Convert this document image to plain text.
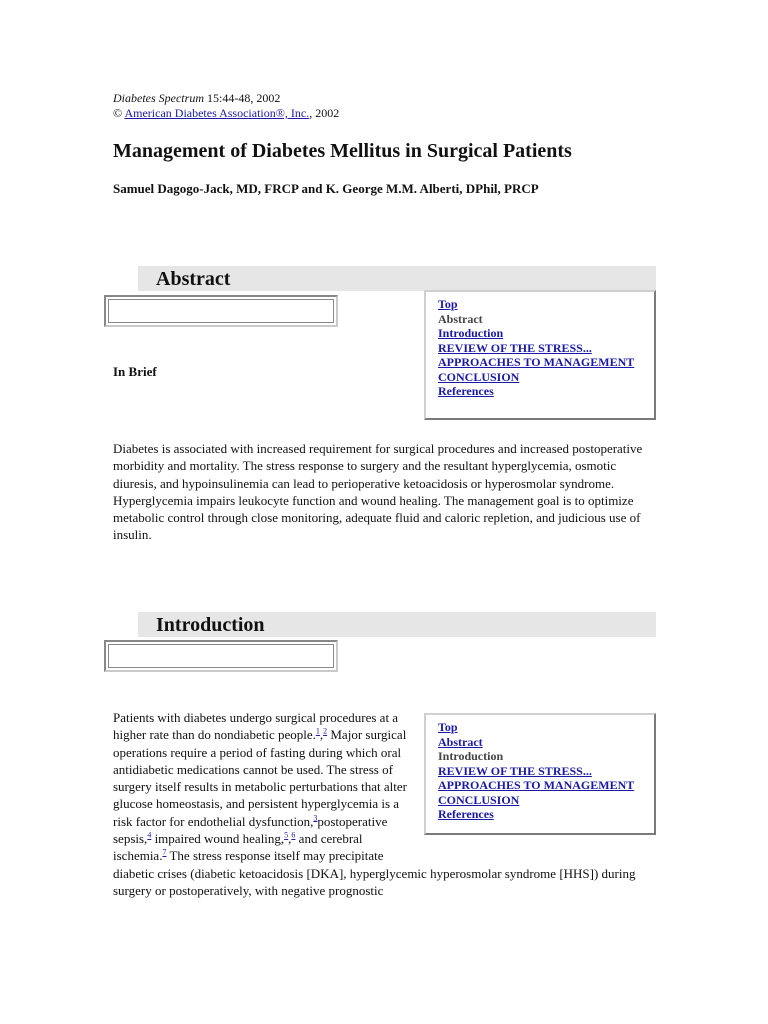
Diabetes Spectrum 15:44-48, 2002
© American Diabetes Association®, Inc., 2002
Management of Diabetes Mellitus in Surgical Patients
Samuel Dagogo-Jack, MD, FRCP and K. George M.M. Alberti, DPhil, PRCP
Abstract
Top
Abstract
Introduction
REVIEW OF THE STRESS...
APPROACHES TO MANAGEMENT
CONCLUSION
References
In Brief

Diabetes is associated with increased requirement for surgical procedures and increased postoperative morbidity and mortality. The stress response to surgery and the resultant hyperglycemia, osmotic diuresis, and hypoinsulinemia can lead to perioperative ketoacidosis or hyperosmolar syndrome. Hyperglycemia impairs leukocyte function and wound healing. The management goal is to optimize metabolic control through close monitoring, adequate fluid and caloric repletion, and judicious use of insulin.

Introduction
Top
Abstract
Introduction
REVIEW OF THE STRESS...
APPROACHES TO MANAGEMENT
CONCLUSION
References

Patients with diabetes undergo surgical procedures at a higher rate than do nondiabetic people.$^1$,$^2$ Major surgical operations require a period of fasting during which oral antidiabetic medications cannot be used. The stress of surgery itself results in metabolic perturbations that alter glucose homeostasis, and persistent hyperglycemia is a risk factor for endothelial dysfunction,$^3$postoperative sepsis,$^4$ impaired wound healing,$^5$,$^6$ and cerebral ischemia.$^7$ The stress response itself may precipitate diabetic crises (diabetic ketoacidosis [DKA], hyperglycemic hyperosmolar syndrome [HHS]) during surgery or postoperatively, with negative prognostic
